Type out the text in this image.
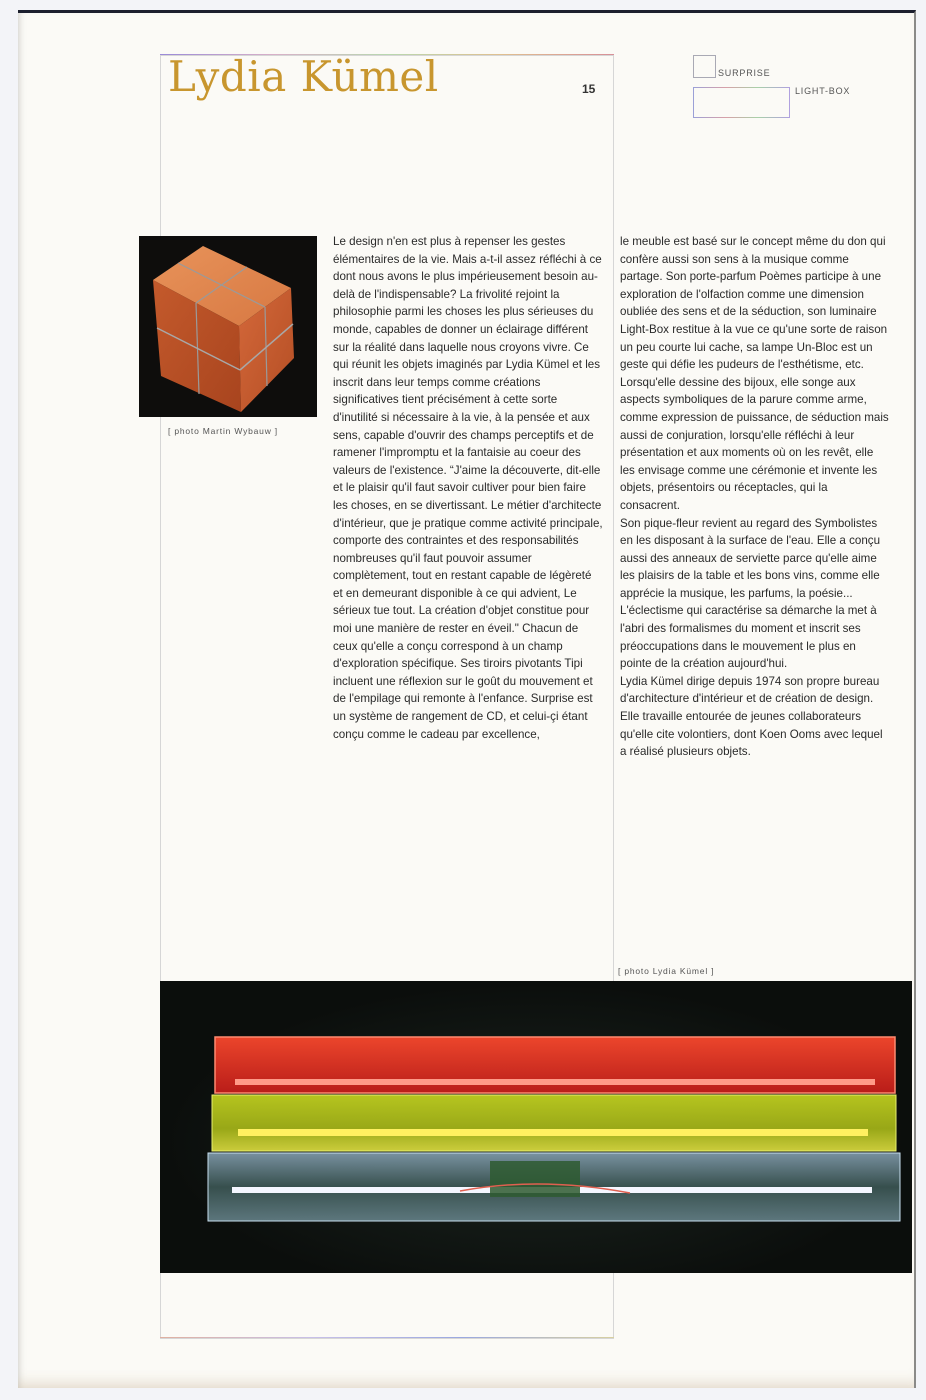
Lydia Kümel	15
SURPRISE
LIGHT-BOX
[ photo Martin Wybauw ]

Le design n'en est plus à repenser les gestes élémentaires de la vie. Mais a-t-il assez réfléchi à ce dont nous avons le plus impérieusement besoin au-delà de l'indispensable? La frivolité rejoint la philosophie parmi les choses les plus sérieuses du monde, capables de donner un éclairage différent sur la réalité dans laquelle nous croyons vivre. Ce qui réunit les objets imaginés par Lydia Kümel et les inscrit dans leur temps comme créations significatives tient précisément à cette sorte d'inutilité si nécessaire à la vie, à la pensée et aux sens, capable d'ouvrir des champs perceptifs et de ramener l'impromptu et la fantaisie au coeur des valeurs de l'existence. “J'aime la découverte, dit-elle et le plaisir qu'il faut savoir cultiver pour bien faire les choses, en se divertissant. Le métier d'architecte d'intérieur, que je pratique comme activité principale, comporte des contraintes et des responsabilités nombreuses qu'il faut pouvoir assumer complètement, tout en restant capable de légèreté et en demeurant disponible à ce qui advient, Le sérieux tue tout. La création d'objet constitue pour moi une manière de rester en éveil." Chacun de ceux qu'elle a conçu correspond à un champ d'exploration spécifique. Ses tiroirs pivotants Tipi incluent une réflexion sur le goût du mouvement et de l'empilage qui remonte à l'enfance. Surprise est un système de rangement de CD, et celui-çi étant conçu comme le cadeau par excellence,

le meuble est basé sur le concept même du don qui confère aussi son sens à la musique comme partage. Son porte-parfum Poèmes participe à une exploration de l'olfaction comme une dimension oubliée des sens et de la séduction, son luminaire Light-Box restitue à la vue ce qu'une sorte de raison un peu courte lui cache, sa lampe Un-Bloc est un geste qui défie les pudeurs de l'esthétisme, etc. Lorsqu'elle dessine des bijoux, elle songe aux aspects symboliques de la parure comme arme, comme expression de puissance, de séduction mais aussi de conjuration, lorsqu'elle réfléchi à leur présentation et aux moments où on les revêt, elle les envisage comme une cérémonie et invente les objets, présentoirs ou réceptacles, qui la consacrent.

Son pique-fleur revient au regard des Symbolistes en les disposant à la surface de l'eau. Elle a conçu aussi des anneaux de serviette parce qu'elle aime les plaisirs de la table et les bons vins, comme elle apprécie la musique, les parfums, la poésie...

L'éclectisme qui caractérise sa démarche la met à l'abri des formalismes du moment et inscrit ses préoccupations dans le mouvement le plus en pointe de la création aujourd'hui.

Lydia Kümel dirige depuis 1974 son propre bureau d'architecture d'intérieur et de création de design. Elle travaille entourée de jeunes collaborateurs qu'elle cite volontiers, dont Koen Ooms avec lequel a réalisé plusieurs objets.

[ photo Lydia Kümel ]
